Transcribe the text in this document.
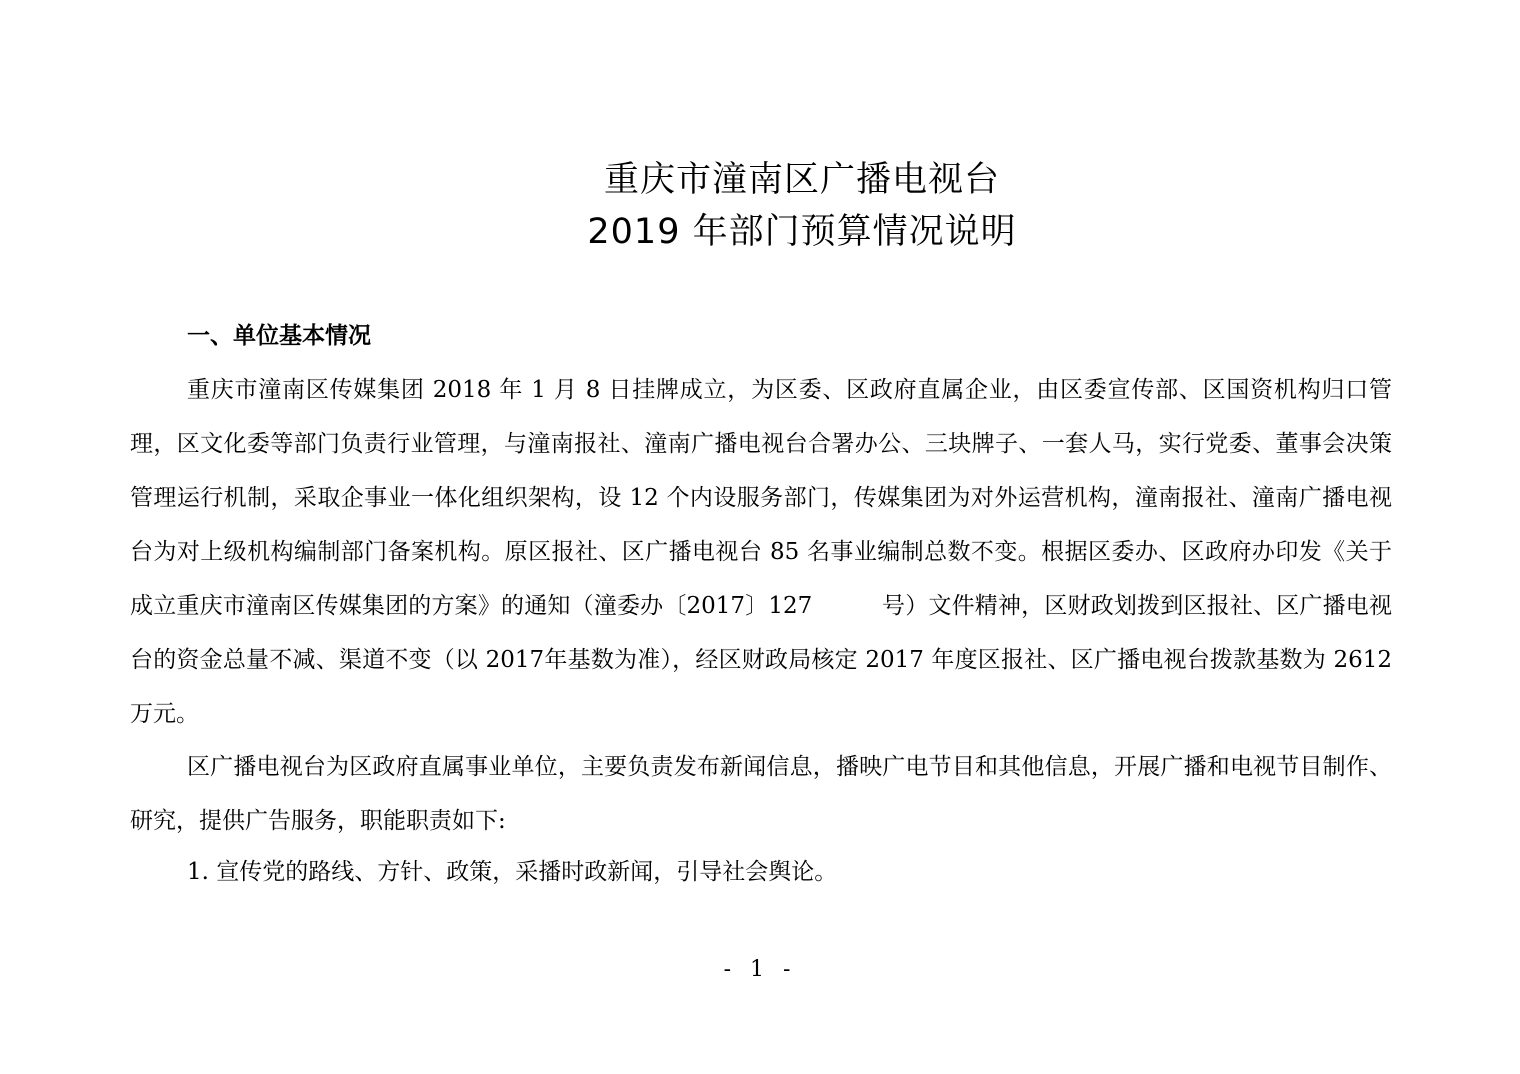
重庆市潼南区广播电视台
2019 年部门预算情况说明
一、单位基本情况

重庆市潼南区传媒集团 2018 年 1 月 8 日挂牌成立，为区委、区政府直属企业，由区委宣传部、区国资机构归口管理，区文化委等部门负责行业管理，与潼南报社、潼南广播电视台合署办公、三块牌子、一套人马，实行党委、董事会决策管理运行机制，采取企事业一体化组织架构，设 12 个内设服务部门，传媒集团为对外运营机构，潼南报社、潼南广播电视台为对上级机构编制部门备案机构。原区报社、区广播电视台 85 名事业编制总数不变。根据区委办、区政府办印发《关于成立重庆市潼南区传媒集团的方案》的通知（潼委办〔2017〕127　　　号）文件精神，区财政划拨到区报社、区广播电视台的资金总量不减、渠道不变（以 2017年基数为准），经区财政局核定 2017 年度区报社、区广播电视台拨款基数为 2612 万元。

区广播电视台为区政府直属事业单位，主要负责发布新闻信息，播映广电节目和其他信息，开展广播和电视节目制作、研究，提供广告服务，职能职责如下:

1. 宣传党的路线、方针、政策，采播时政新闻，引导社会舆论。

- 1 -
